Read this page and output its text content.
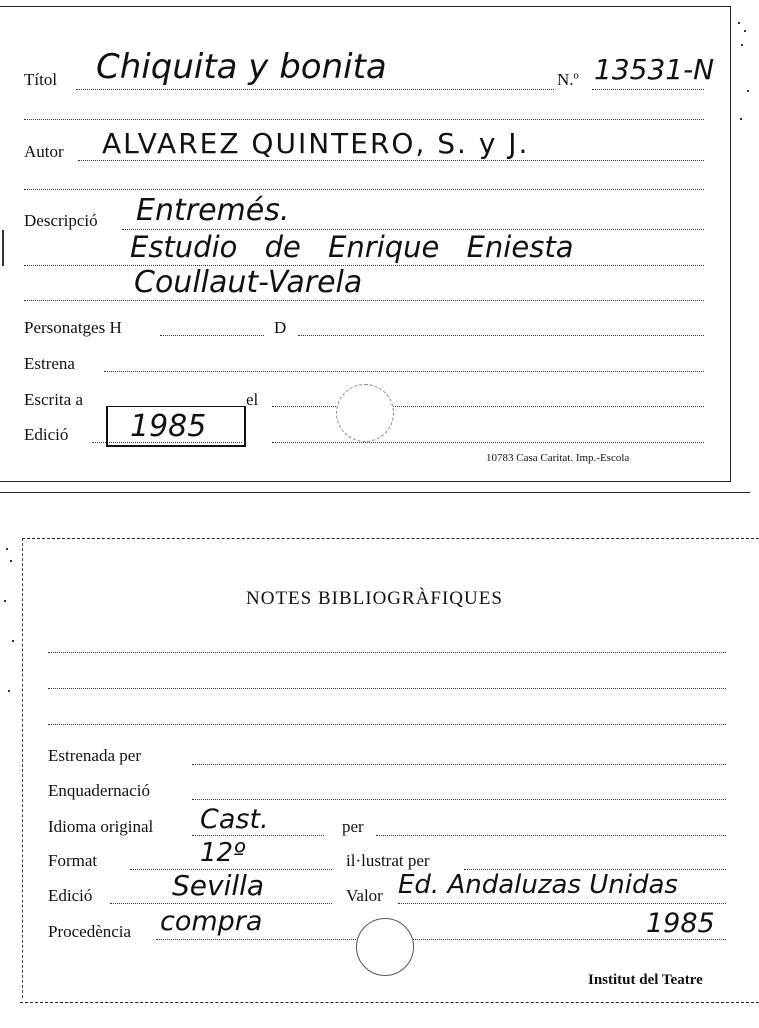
Títol Chiquita y bonita	N.º 13531-N
Autor ALVAREZ QUINTERO, S. y J.
Descripció Entremés.
Estudio de Enrique Eniesta
Coullaut-Varela
Personatges H	D
Estrena
Escrita a	el
Edició 1985
10783 Casa Caritat. Imp.-Escola
NOTES BIBLIOGRÀFIQUES
Estrenada per
Enquadernació
Idioma original Cast.	per
Format	12º	il·lustrat per
Edició	Sevilla	Valor Ed. Andaluzas Unidas
Procedència compra	1985
Institut del Teatre
